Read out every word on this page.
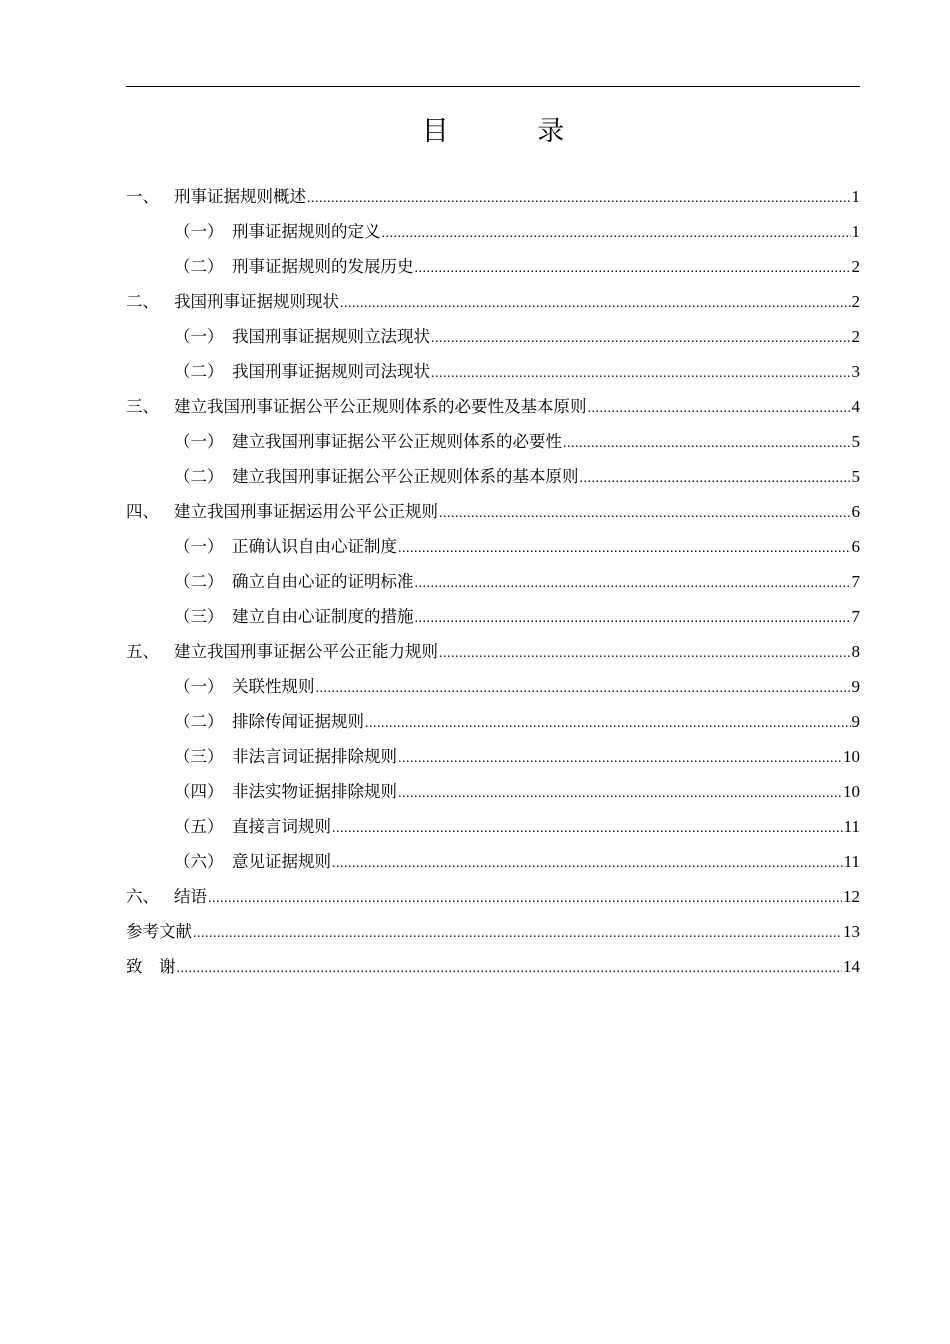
目 录
一、 刑事证据规则概述 .....	1
（一） 刑事证据规则的定义 .....	1
（二） 刑事证据规则的发展历史 .....	2
二、 我国刑事证据规则现状 .....	2
（一） 我国刑事证据规则立法现状 .....	2
（二） 我国刑事证据规则司法现状 .....	3
三、 建立我国刑事证据公平公正规则体系的必要性及基本原则 .....	4
（一） 建立我国刑事证据公平公正规则体系的必要性 .....	5
（二） 建立我国刑事证据公平公正规则体系的基本原则 .....	5
四、 建立我国刑事证据运用公平公正规则 .....	6
（一） 正确认识自由心证制度 .....	6
（二） 确立自由心证的证明标准 .....	7
（三） 建立自由心证制度的措施 .....	7
五、 建立我国刑事证据公平公正能力规则 .....	8
（一） 关联性规则 .....	9
（二） 排除传闻证据规则 .....	9
（三） 非法言词证据排除规则 .....	10
（四） 非法实物证据排除规则 .....	10
（五） 直接言词规则 .....	11
（六） 意见证据规则 .....	11
六、 结语 .....	12
参考文献 .....	13
致　谢 .....	14
